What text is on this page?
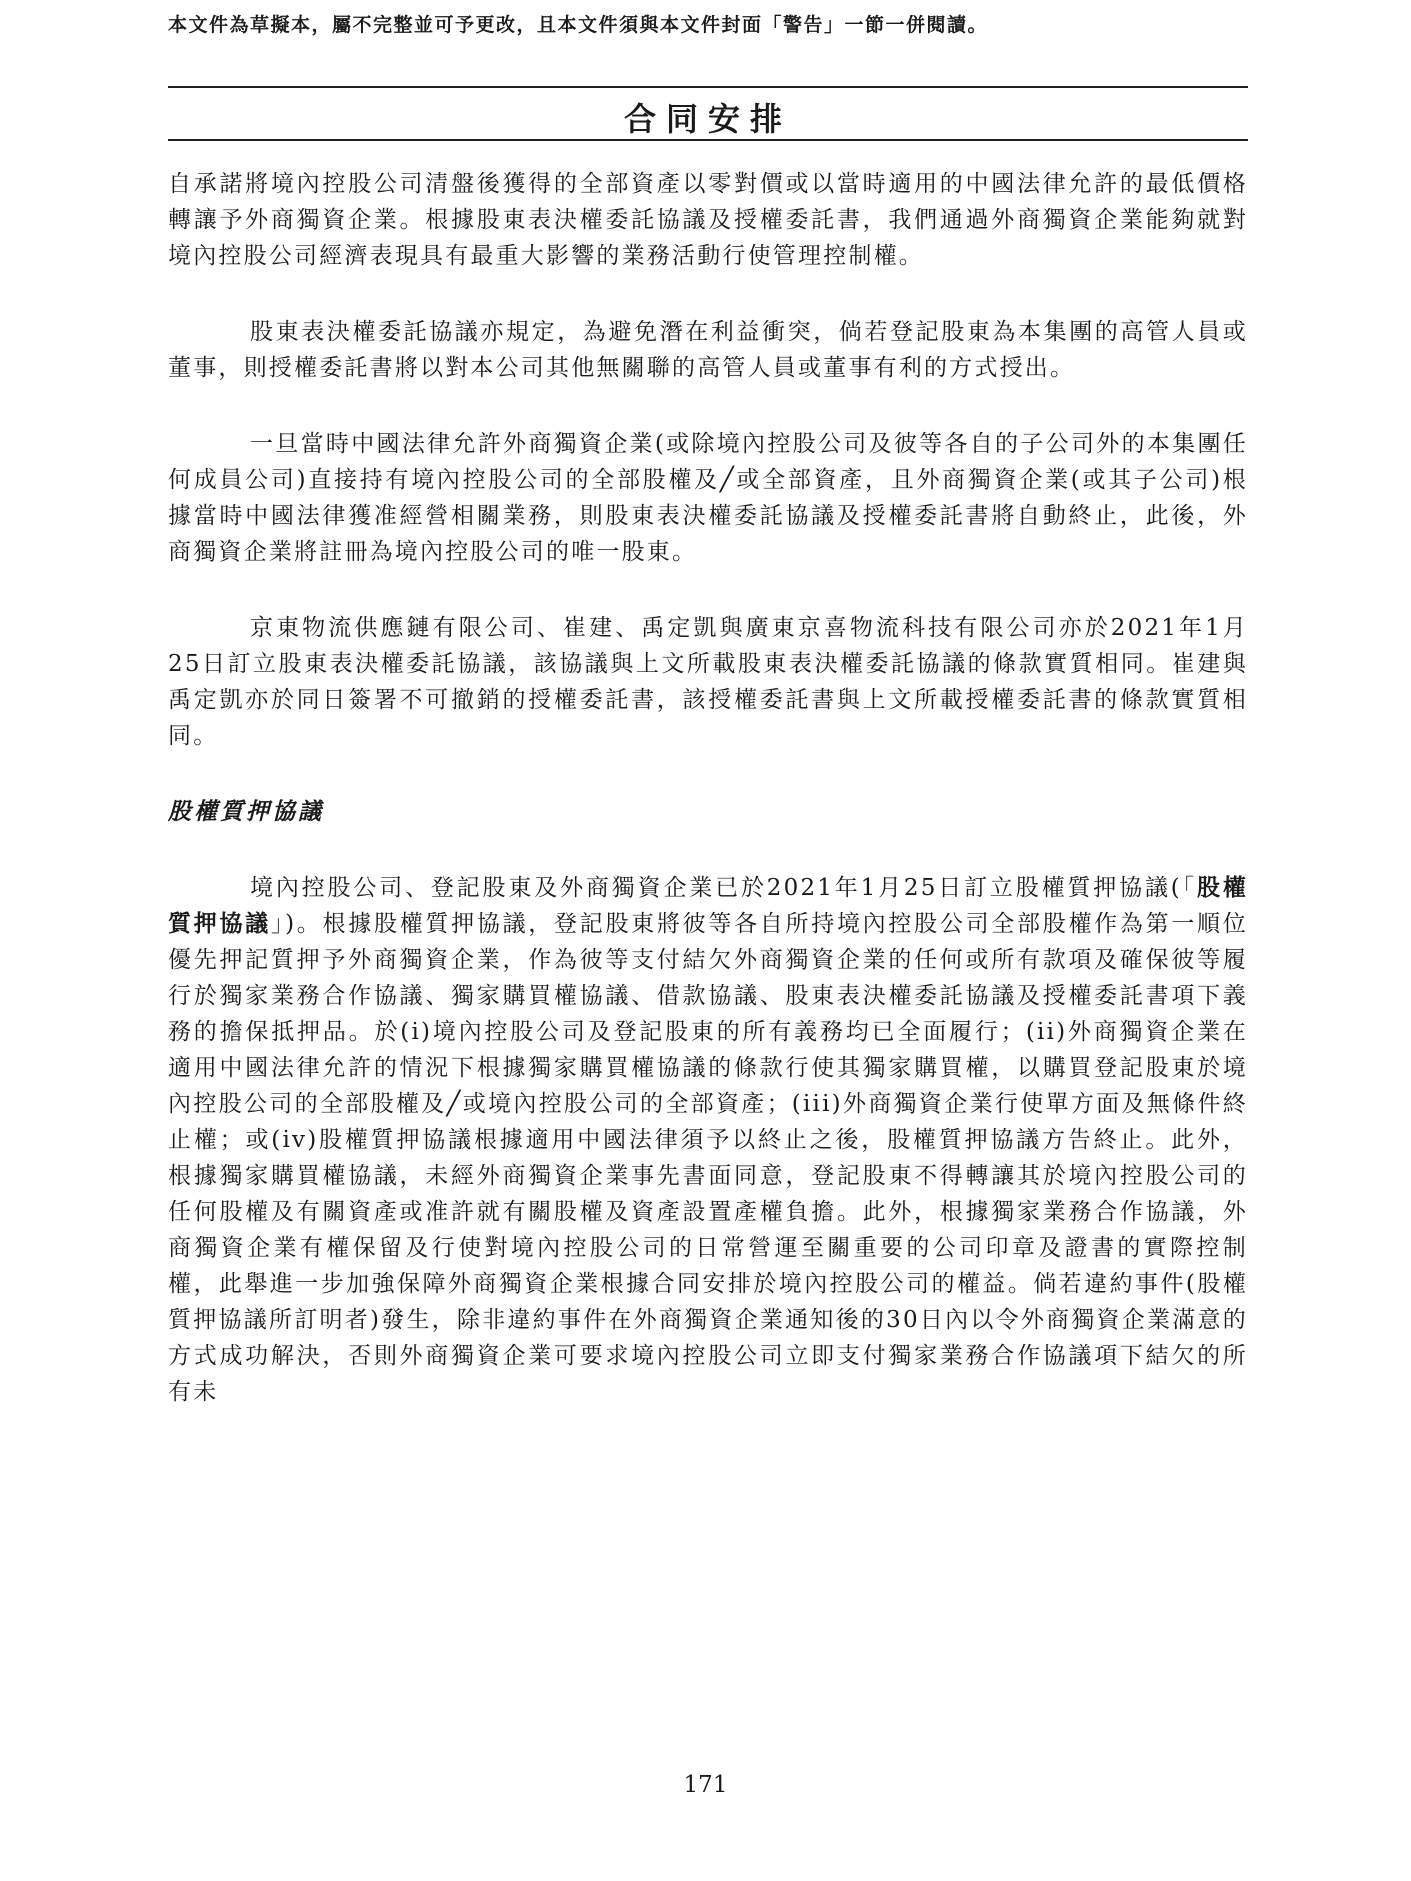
本文件為草擬本，屬不完整並可予更改，且本文件須與本文件封面「警告」一節一併閱讀。
合同安排

自承諾將境內控股公司清盤後獲得的全部資產以零對價或以當時適用的中國法律允許的最低價格轉讓予外商獨資企業。根據股東表決權委託協議及授權委託書，我們通過外商獨資企業能夠就對境內控股公司經濟表現具有最重大影響的業務活動行使管理控制權。

股東表決權委託協議亦規定，為避免潛在利益衝突，倘若登記股東為本集團的高管人員或董事，則授權委託書將以對本公司其他無關聯的高管人員或董事有利的方式授出。

一旦當時中國法律允許外商獨資企業(或除境內控股公司及彼等各自的子公司外的本集團任何成員公司)直接持有境內控股公司的全部股權及╱或全部資產，且外商獨資企業(或其子公司)根據當時中國法律獲准經營相關業務，則股東表決權委託協議及授權委託書將自動終止，此後，外商獨資企業將註冊為境內控股公司的唯一股東。

京東物流供應鏈有限公司、崔建、禹定凱與廣東京喜物流科技有限公司亦於2021年1月25日訂立股東表決權委託協議，該協議與上文所載股東表決權委託協議的條款實質相同。崔建與禹定凱亦於同日簽署不可撤銷的授權委託書，該授權委託書與上文所載授權委託書的條款實質相同。

股權質押協議

境內控股公司、登記股東及外商獨資企業已於2021年1月25日訂立股權質押協議(「股權質押協議」)。根據股權質押協議，登記股東將彼等各自所持境內控股公司全部股權作為第一順位優先押記質押予外商獨資企業，作為彼等支付結欠外商獨資企業的任何或所有款項及確保彼等履行於獨家業務合作協議、獨家購買權協議、借款協議、股東表決權委託協議及授權委託書項下義務的擔保抵押品。於(i)境內控股公司及登記股東的所有義務均已全面履行；(ii)外商獨資企業在適用中國法律允許的情況下根據獨家購買權協議的條款行使其獨家購買權，以購買登記股東於境內控股公司的全部股權及╱或境內控股公司的全部資產；(iii)外商獨資企業行使單方面及無條件終止權；或(iv)股權質押協議根據適用中國法律須予以終止之後，股權質押協議方告終止。此外，根據獨家購買權協議，未經外商獨資企業事先書面同意，登記股東不得轉讓其於境內控股公司的任何股權及有關資產或准許就有關股權及資產設置產權負擔。此外，根據獨家業務合作協議，外商獨資企業有權保留及行使對境內控股公司的日常營運至關重要的公司印章及證書的實際控制權，此舉進一步加強保障外商獨資企業根據合同安排於境內控股公司的權益。倘若違約事件(股權質押協議所訂明者)發生，除非違約事件在外商獨資企業通知後的30日內以令外商獨資企業滿意的方式成功解決，否則外商獨資企業可要求境內控股公司立即支付獨家業務合作協議項下結欠的所有未

171
